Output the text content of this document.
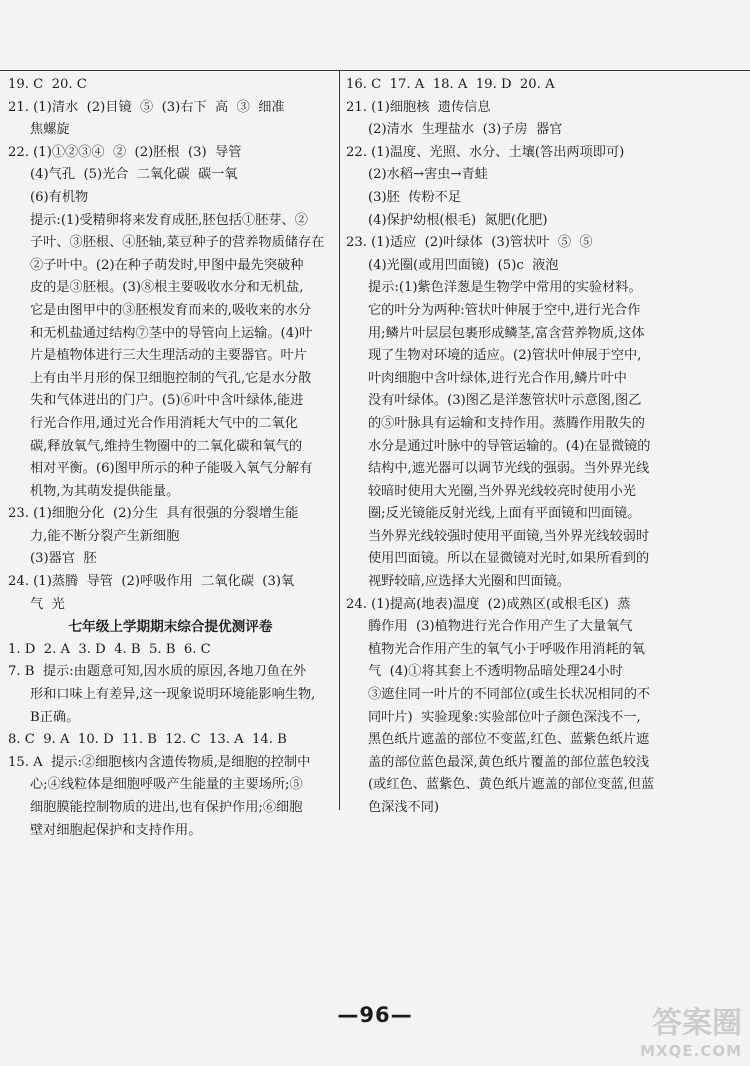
19. C  20. C
21. (1)清水  (2)目镜  ⑤  (3)右下  高  ③  细准
焦螺旋
22. (1)①②③④  ②  (2)胚根  (3)  导管
(4)气孔  (5)光合  二氧化碳  碳一氧
(6)有机物
提示:(1)受精卵将来发育成胚,胚包括①胚芽、②
子叶、③胚根、④胚轴,菜豆种子的营养物质储存在
②子叶中。(2)在种子萌发时,甲图中最先突破种
皮的是③胚根。(3)⑧根主要吸收水分和无机盐,
它是由图甲中的③胚根发育而来的,吸收来的水分
和无机盐通过结构⑦茎中的导管向上运输。(4)叶
片是植物体进行三大生理活动的主要器官。叶片
上有由半月形的保卫细胞控制的气孔,它是水分散
失和气体进出的门户。(5)⑥叶中含叶绿体,能进
行光合作用,通过光合作用消耗大气中的二氧化
碳,释放氧气,维持生物圈中的二氧化碳和氧气的
相对平衡。(6)图甲所示的种子能吸入氧气分解有
机物,为其萌发提供能量。
23. (1)细胞分化  (2)分生  具有很强的分裂增生能
力,能不断分裂产生新细胞
(3)器官  胚
24. (1)蒸腾  导管  (2)呼吸作用  二氧化碳  (3)氧
气  光
七年级上学期期末综合提优测评卷
1. D  2. A  3. D  4. B  5. B  6. C
7. B  提示:由题意可知,因水质的原因,各地刀鱼在外
形和口味上有差异,这一现象说明环境能影响生物,
B正确。
8. C  9. A  10. D  11. B  12. C  13. A  14. B
15. A  提示:②细胞核内含遗传物质,是细胞的控制中
心;④线粒体是细胞呼吸产生能量的主要场所;⑤
细胞膜能控制物质的进出,也有保护作用;⑥细胞
壁对细胞起保护和支持作用。
16. C  17. A  18. A  19. D  20. A
21. (1)细胞核  遗传信息
(2)清水  生理盐水  (3)子房  器官
22. (1)温度、光照、水分、土壤(答出两项即可)
(2)水稻→害虫→青蛙
(3)胚  传粉不足
(4)保护幼根(根毛)  氮肥(化肥)
23. (1)适应  (2)叶绿体  (3)管状叶  ⑤  ⑤
(4)光圈(或用凹面镜)  (5)c  液泡
提示:(1)紫色洋葱是生物学中常用的实验材料。
它的叶分为两种:管状叶伸展于空中,进行光合作
用;鳞片叶层层包裹形成鳞茎,富含营养物质,这体
现了生物对环境的适应。(2)管状叶伸展于空中,
叶肉细胞中含叶绿体,进行光合作用,鳞片叶中
没有叶绿体。(3)图乙是洋葱管状叶示意图,图乙
的⑤叶脉具有运输和支持作用。蒸腾作用散失的
水分是通过叶脉中的导管运输的。(4)在显微镜的
结构中,遮光器可以调节光线的强弱。当外界光线
较暗时使用大光圈,当外界光线较亮时使用小光
圈;反光镜能反射光线,上面有平面镜和凹面镜。
当外界光线较强时使用平面镜,当外界光线较弱时
使用凹面镜。所以在显微镜对光时,如果所看到的
视野较暗,应选择大光圈和凹面镜。
24. (1)提高(地表)温度  (2)成熟区(或根毛区)  蒸
腾作用  (3)植物进行光合作用产生了大量氧气
植物光合作用产生的氧气小于呼吸作用消耗的氧
气  (4)①将其套上不透明物品暗处理24小时
③遮住同一叶片的不同部位(或生长状况相同的不
同叶片)  实验现象:实验部位叶子颜色深浅不一,
黑色纸片遮盖的部位不变蓝,红色、蓝紫色纸片遮
盖的部位蓝色最深,黄色纸片覆盖的部位蓝色较浅
(或红色、蓝紫色、黄色纸片遮盖的部位变蓝,但蓝
色深浅不同)
—96—	答案圈
MXQE.COM
